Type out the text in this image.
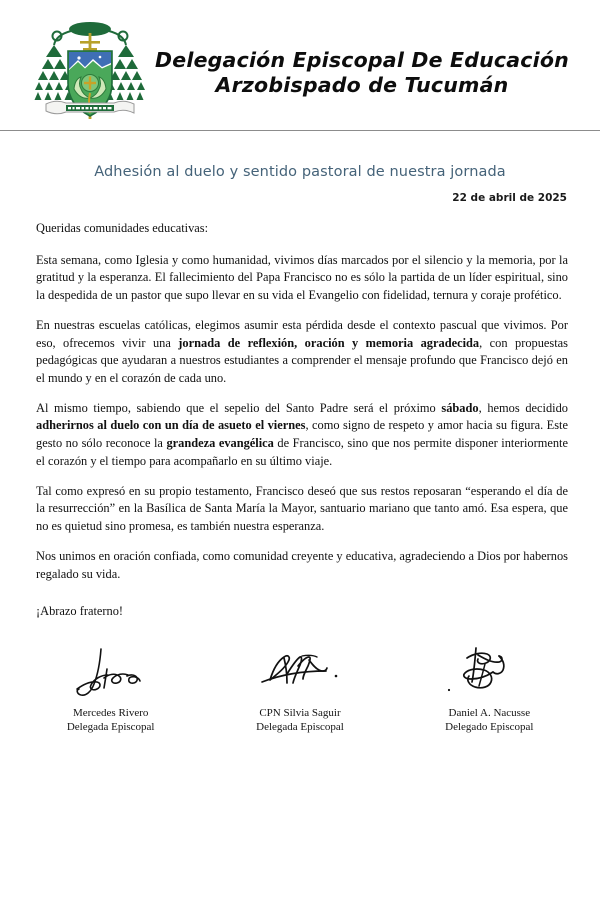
Delegación Episcopal De Educación
Arzobispado de Tucumán
Adhesión al duelo y sentido pastoral de nuestra jornada
22 de abril de 2025

Queridas comunidades educativas:

Esta semana, como Iglesia y como humanidad, vivimos días marcados por el silencio y la memoria, por la gratitud y la esperanza. El fallecimiento del Papa Francisco no es sólo la partida de un líder espiritual, sino la despedida de un pastor que supo llevar en su vida el Evangelio con fidelidad, ternura y coraje profético.

En nuestras escuelas católicas, elegimos asumir esta pérdida desde el contexto pascual que vivimos. Por eso, ofrecemos vivir una jornada de reflexión, oración y memoria agradecida, con propuestas pedagógicas que ayudaran a nuestros estudiantes a comprender el mensaje profundo que Francisco dejó en el mundo y en el corazón de cada uno.

Al mismo tiempo, sabiendo que el sepelio del Santo Padre será el próximo sábado, hemos decidido adherirnos al duelo con un día de asueto el viernes, como signo de respeto y amor hacia su figura. Este gesto no sólo reconoce la grandeza evangélica de Francisco, sino que nos permite disponer interiormente el corazón y el tiempo para acompañarlo en su último viaje.

Tal como expresó en su propio testamento, Francisco deseó que sus restos reposaran “esperando el día de la resurrección” en la Basílica de Santa María la Mayor, santuario mariano que tanto amó. Esa espera, que no es quietud sino promesa, es también nuestra esperanza.

Nos unimos en oración confiada, como comunidad creyente y educativa, agradeciendo a Dios por habernos regalado su vida.

¡Abrazo fraterno!

Mercedes Rivero
Delegada Episcopal
CPN Silvia Saguir
Delegada Episcopal
Daniel A. Nacusse
Delegado Episcopal
